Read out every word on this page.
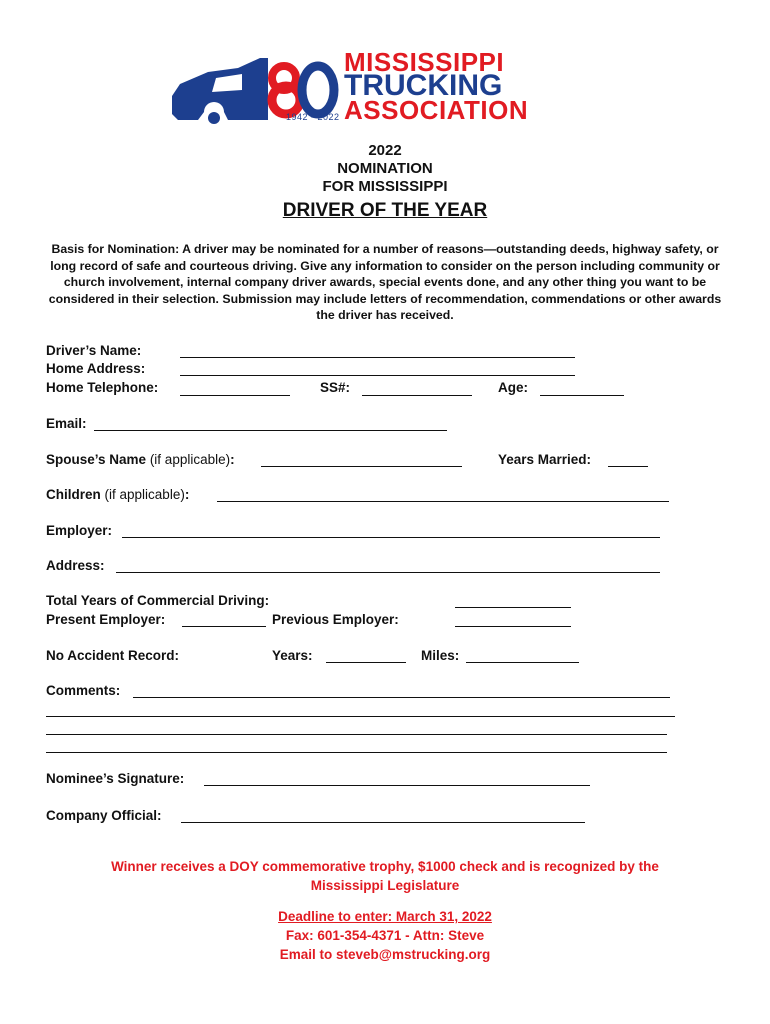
1942 - 2022
MISSISSIPPI
TRUCKING
ASSOCIATION
2022
NOMINATION
FOR MISSISSIPPI
DRIVER OF THE YEAR
Basis for Nomination: A driver may be nominated for a number of reasons—outstanding deeds, highway safety, or long record of safe and courteous driving. Give any information to consider on the person including community or church involvement, internal company driver awards, special events done, and any other thing you want to be considered in their selection. Submission may include letters of recommendation, commendations or other awards the driver has received.
Driver’s Name:
Home Address:
Home Telephone:	SS#:	Age:
Email:
Spouse’s Name (if applicable):	Years Married:
Children (if applicable):
Employer:
Address:
Total Years of Commercial Driving:
Present Employer:	Previous Employer:
No Accident Record:	Years:	Miles:
Comments:
Nominee’s Signature:
Company Official:
Winner receives a DOY commemorative trophy, $1000 check and is recognized by the
Mississippi Legislature
Deadline to enter: March 31, 2022
Fax: 601-354-4371 - Attn: Steve
Email to steveb@mstrucking.org
